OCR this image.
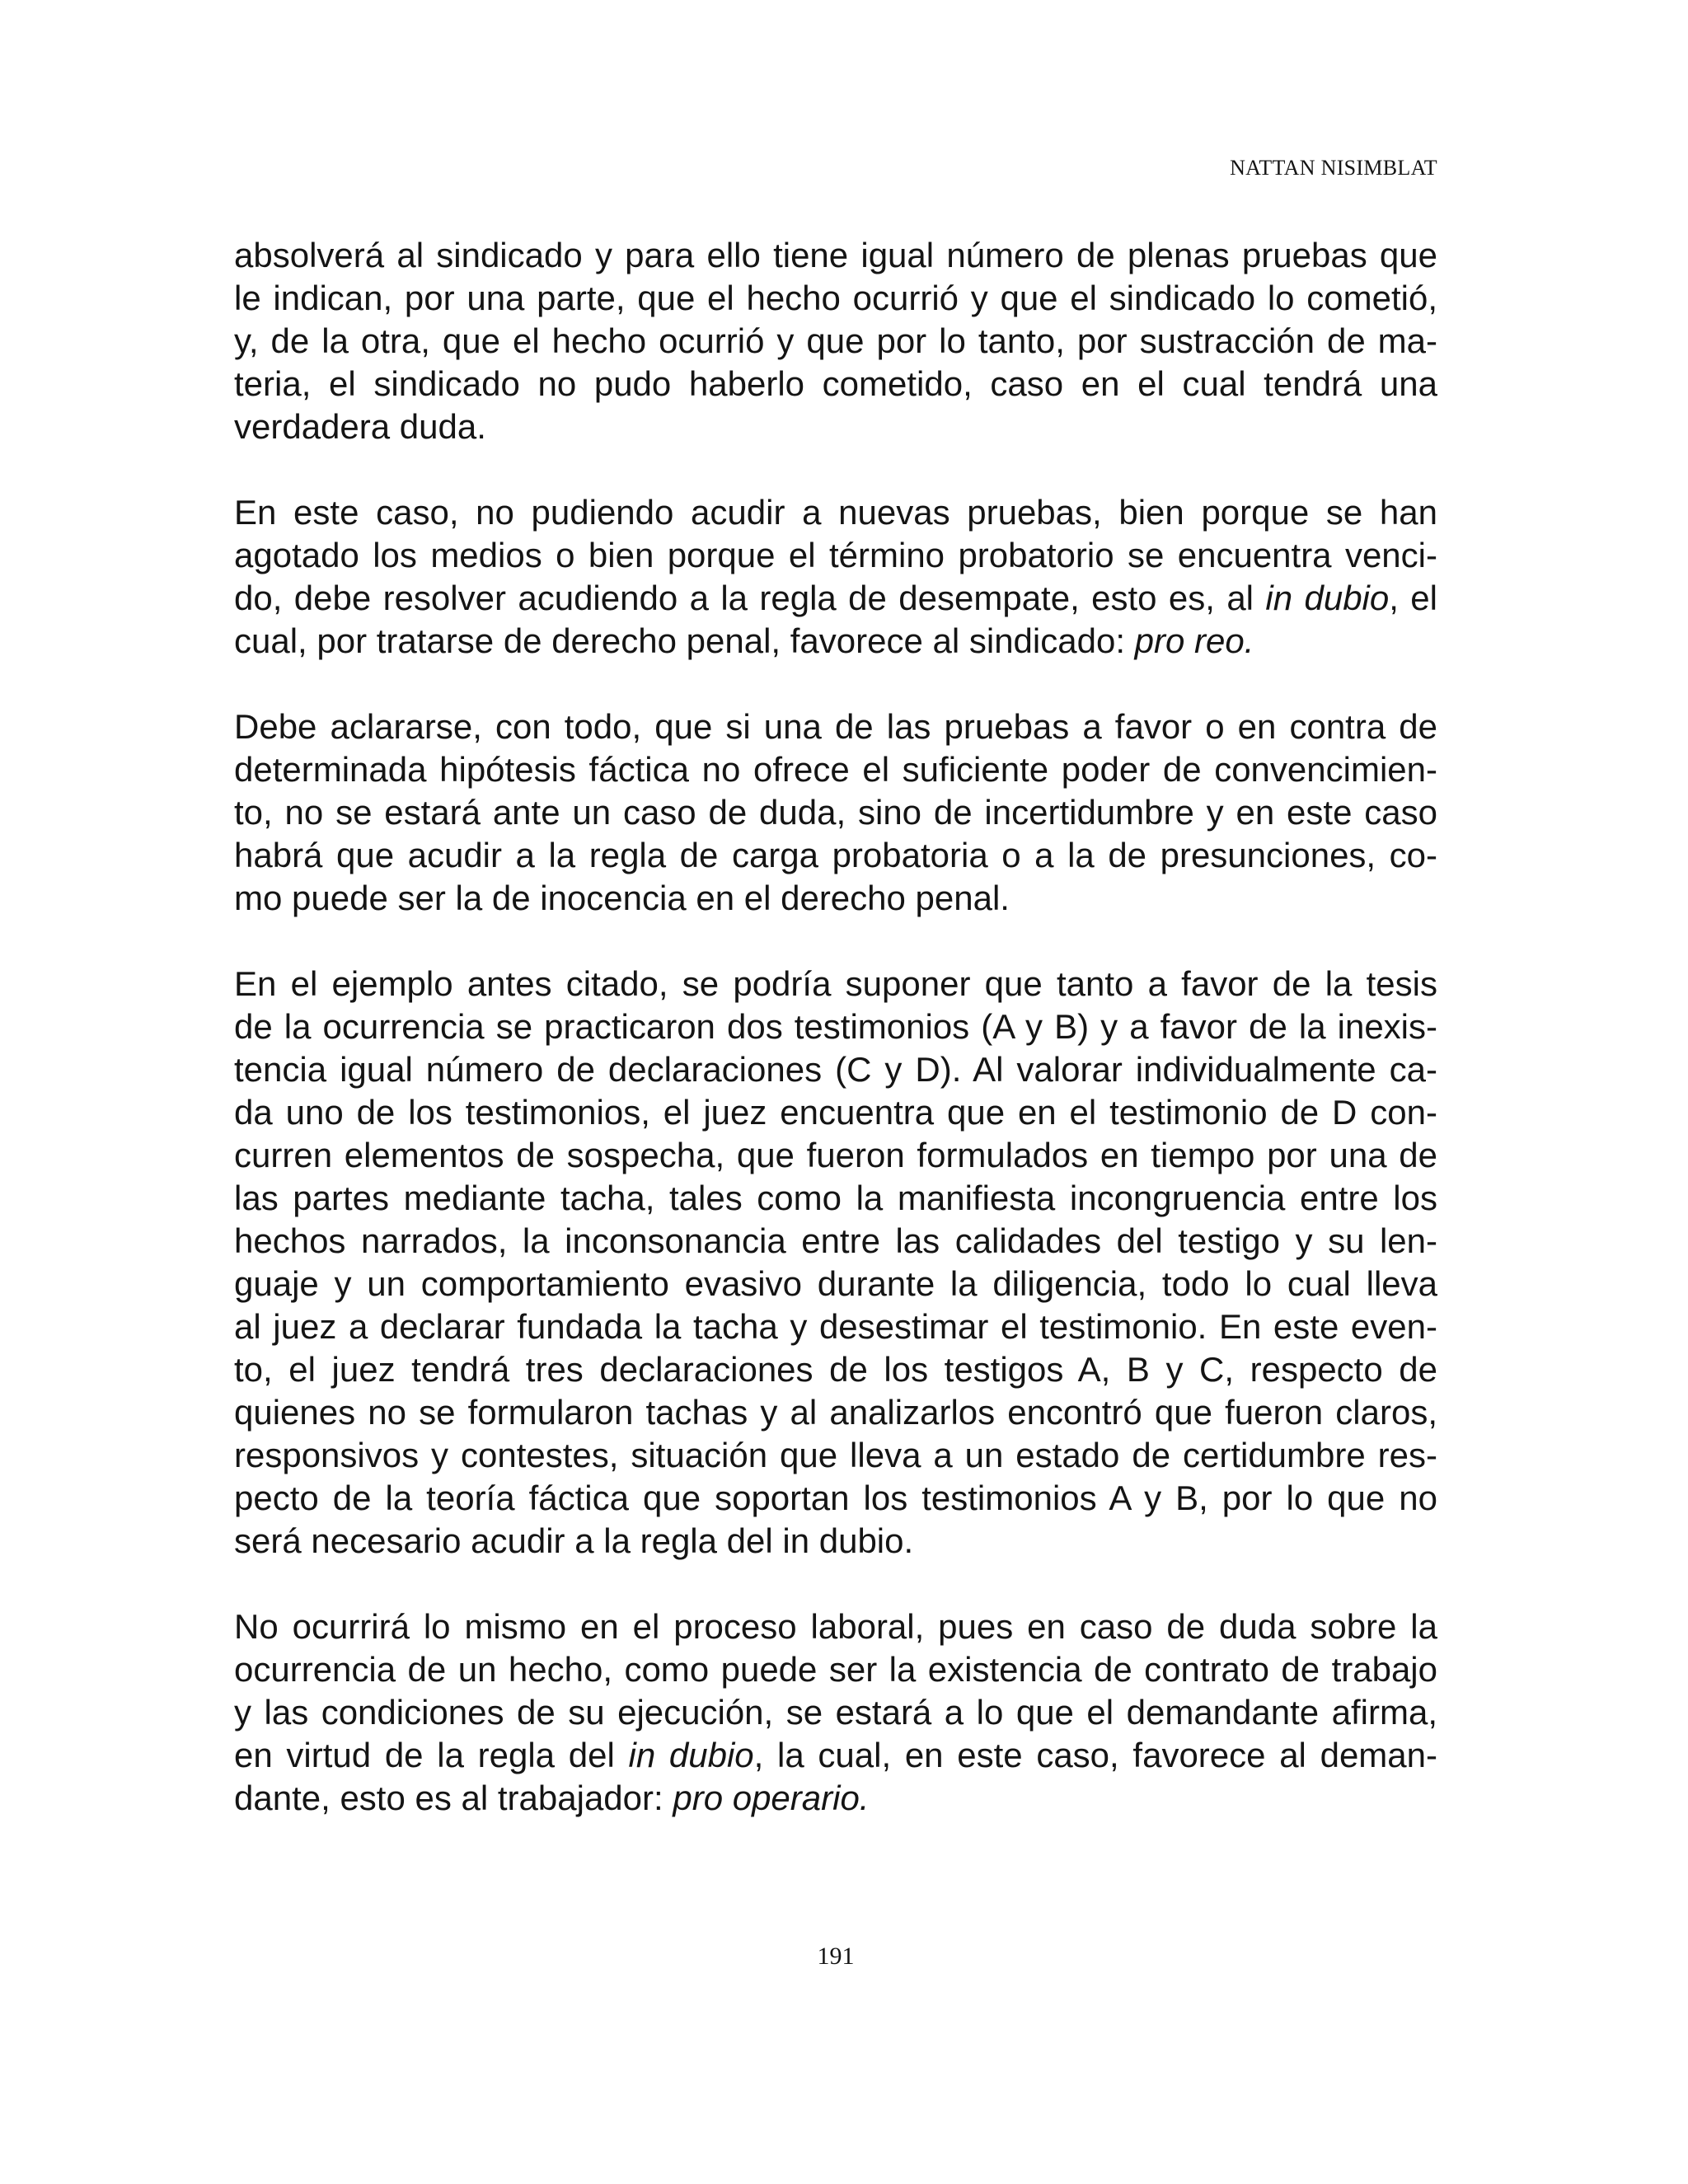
NATTAN NISIMBLAT

absolverá al sindicado y para ello tiene igual número de plenas pruebas que
le indican, por una parte, que el hecho ocurrió y que el sindicado lo cometió,
y, de la otra, que el hecho ocurrió y que por lo tanto, por sustracción de ma-
teria, el sindicado no pudo haberlo cometido, caso en el cual tendrá una
verdadera duda.

En este caso, no pudiendo acudir a nuevas pruebas, bien porque se han
agotado los medios o bien porque el término probatorio se encuentra venci-
do, debe resolver acudiendo a la regla de desempate, esto es, al in dubio, el
cual, por tratarse de derecho penal, favorece al sindicado: pro reo.

Debe aclararse, con todo, que si una de las pruebas a favor o en contra de
determinada hipótesis fáctica no ofrece el suficiente poder de convencimien-
to, no se estará ante un caso de duda, sino de incertidumbre y en este caso
habrá que acudir a la regla de carga probatoria o a la de presunciones, co-
mo puede ser la de inocencia en el derecho penal.

En el ejemplo antes citado, se podría suponer que tanto a favor de la tesis
de la ocurrencia se practicaron dos testimonios (A y B) y a favor de la inexis-
tencia igual número de declaraciones (C y D). Al valorar individualmente ca-
da uno de los testimonios, el juez encuentra que en el testimonio de D con-
curren elementos de sospecha, que fueron formulados en tiempo por una de
las partes mediante tacha, tales como la manifiesta incongruencia entre los
hechos narrados, la inconsonancia entre las calidades del testigo y su len-
guaje y un comportamiento evasivo durante la diligencia, todo lo cual lleva
al juez a declarar fundada la tacha y desestimar el testimonio. En este even-
to, el juez tendrá tres declaraciones de los testigos A, B y C, respecto de
quienes no se formularon tachas y al analizarlos encontró que fueron claros,
responsivos y contestes, situación que lleva a un estado de certidumbre res-
pecto de la teoría fáctica que soportan los testimonios A y B, por lo que no
será necesario acudir a la regla del in dubio.

No ocurrirá lo mismo en el proceso laboral, pues en caso de duda sobre la
ocurrencia de un hecho, como puede ser la existencia de contrato de trabajo
y las condiciones de su ejecución, se estará a lo que el demandante afirma,
en virtud de la regla del in dubio, la cual, en este caso, favorece al deman-
dante, esto es al trabajador: pro operario.

191
